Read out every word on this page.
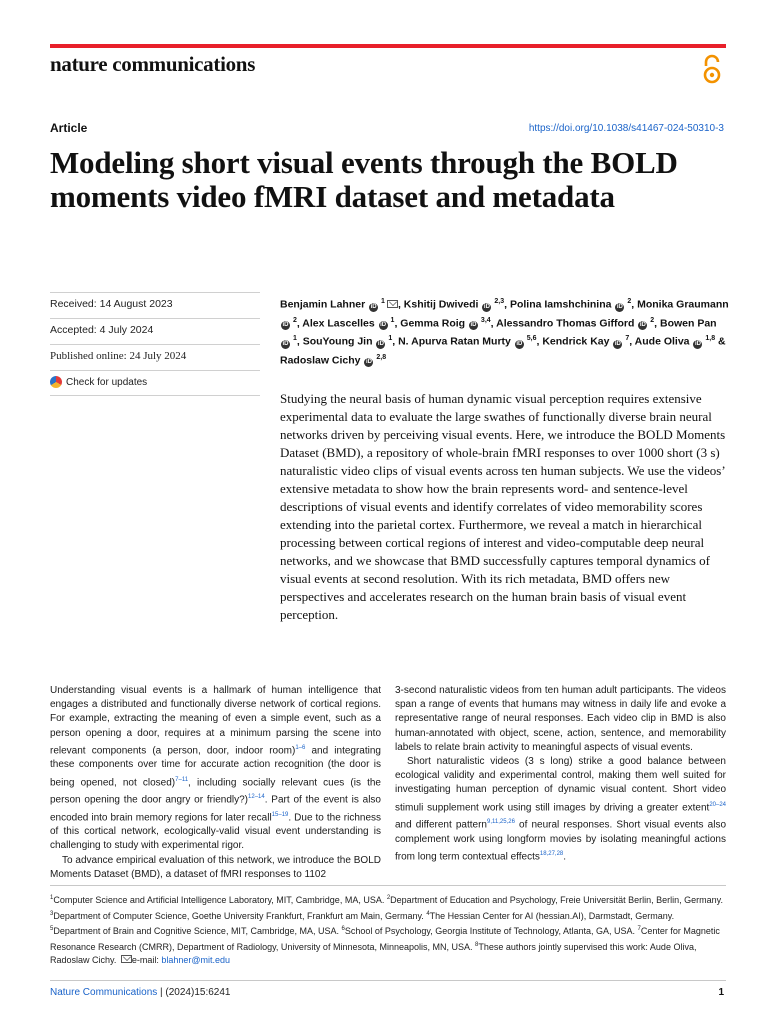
nature communications
Article	https://doi.org/10.1038/s41467-024-50310-3
Modeling short visual events through the BOLD moments video fMRI dataset and metadata
Received: 14 August 2023
Accepted: 4 July 2024
Published online: 24 July 2024
Check for updates
Benjamin Lahner iD $^1$ , Kshitij Dwivedi iD $^{2,3}$, Polina Iamshchinina iD $^2$, Monika Graumann iD $^2$, Alex Lascelles iD $^1$, Gemma Roig iD $^{3,4}$, Alessandro Thomas Gifford iD $^2$, Bowen Pan iD $^1$, SouYoung Jin iD $^1$, N. Apurva Ratan Murty iD $^{5,6}$, Kendrick Kay iD $^7$, Aude Oliva iD $^{1,8}$ & Radoslaw Cichy iD $^{2,8}$
Studying the neural basis of human dynamic visual perception requires extensive experimental data to evaluate the large swathes of functionally diverse brain neural networks driven by perceiving visual events. Here, we introduce the BOLD Moments Dataset (BMD), a repository of whole-brain fMRI responses to over 1000 short (3 s) naturalistic video clips of visual events across ten human subjects. We use the videos’ extensive metadata to show how the brain represents word- and sentence-level descriptions of visual events and identify correlates of video memorability scores extending into the parietal cortex. Furthermore, we reveal a match in hierarchical processing between cortical regions of interest and video-computable deep neural networks, and we showcase that BMD successfully captures temporal dynamics of visual events at second resolution. With its rich metadata, BMD offers new perspectives and accelerates research on the human brain basis of visual event perception.

Understanding visual events is a hallmark of human intelligence that engages a distributed and functionally diverse network of cortical regions. For example, extracting the meaning of even a simple event, such as a person opening a door, requires at a minimum parsing the scene into relevant components (a person, door, indoor room)$^{1-6}$ and integrating these components over time for accurate action recognition (the door is being opened, not closed)$^{7-11}$, including socially relevant cues (is the person opening the door angry or friendly?)$^{12-14}$. Part of the event is also encoded into brain memory regions for later recall$^{15-19}$. Due to the richness of this cortical network, ecologically-valid visual event understanding is challenging to study with experimental rigor.

To advance empirical evaluation of this network, we introduce the BOLD Moments Dataset (BMD), a dataset of fMRI responses to 1102

3-second naturalistic videos from ten human adult participants. The videos span a range of events that humans may witness in daily life and evoke a representative range of neural responses. Each video clip in BMD is also human-annotated with object, scene, action, sentence, and memorability labels to relate brain activity to meaningful aspects of visual events.

Short naturalistic videos (3 s long) strike a good balance between ecological validity and experimental control, making them well suited for investigating human perception of dynamic visual content. Short video stimuli supplement work using still images by driving a greater extent$^{20-24}$ and different pattern$^{9,11,25,26}$ of neural responses. Short visual events also complement work using longform movies by isolating meaningful actions from long term contextual effects$^{18,27,28}$.

$^1$Computer Science and Artificial Intelligence Laboratory, MIT, Cambridge, MA, USA. $^2$Department of Education and Psychology, Freie Universität Berlin, Berlin, Germany. $^3$Department of Computer Science, Goethe University Frankfurt, Frankfurt am Main, Germany. $^4$The Hessian Center for AI (hessian.AI), Darmstadt, Germany. $^5$Department of Brain and Cognitive Science, MIT, Cambridge, MA, USA. $^6$School of Psychology, Georgia Institute of Technology, Atlanta, GA, USA. $^7$Center for Magnetic Resonance Research (CMRR), Department of Radiology, University of Minnesota, Minneapolis, MN, USA. $^8$These authors jointly supervised this work: Aude Oliva, Radoslaw Cichy. e-mail: blahner@mit.edu
Nature Communications | (2024)15:6241	1
